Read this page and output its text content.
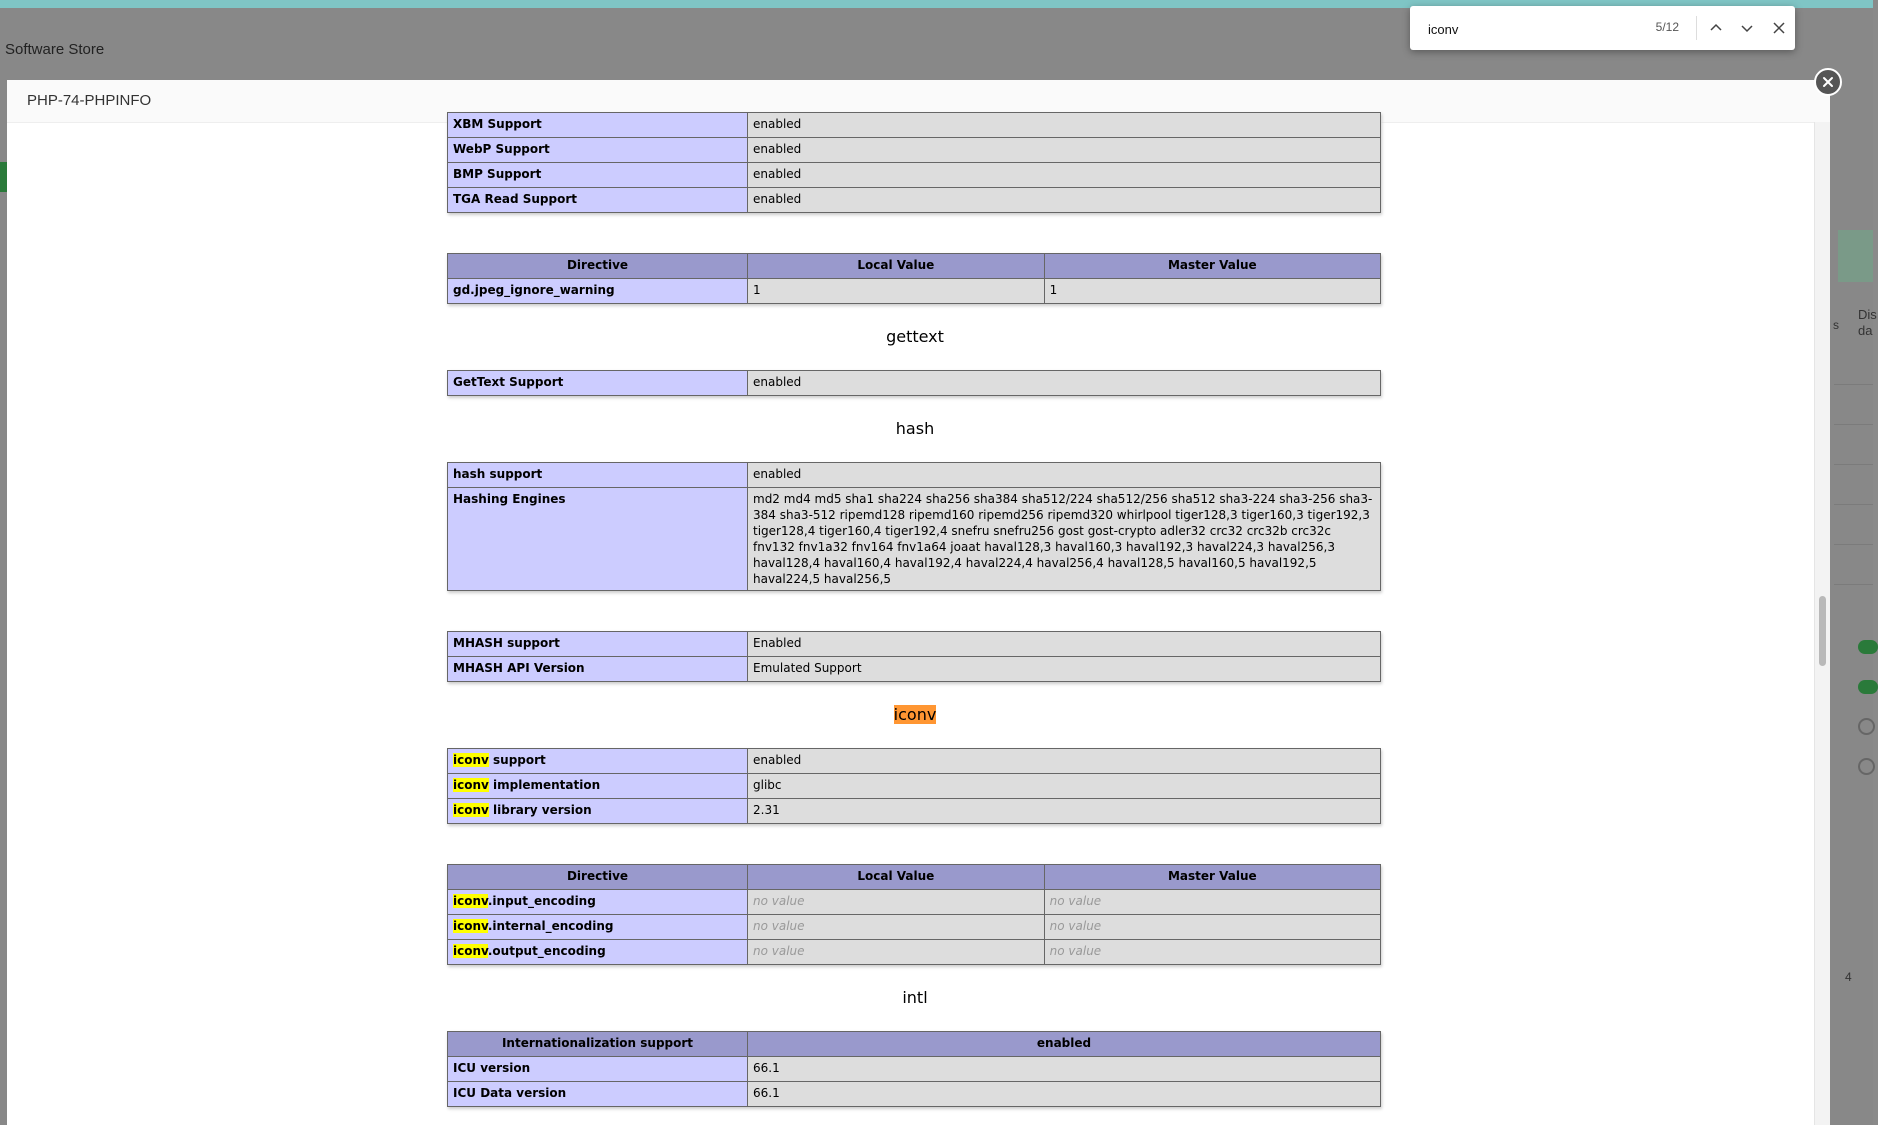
Software Store
s
Dis
da
4
PHP-74-PHPINFO
XBM Support	enabled
WebP Support	enabled
BMP Support	enabled
TGA Read Support	enabled
Directive	Local Value	Master Value
gd.jpeg_ignore_warning	1	1
gettext
GetText Support	enabled
hash
hash support	enabled
Hashing Engines	md2 md4 md5 sha1 sha224 sha256 sha384 sha512/224 sha512/256 sha512 sha3-224 sha3-256 sha3-384 sha3-512 ripemd128 ripemd160 ripemd256 ripemd320 whirlpool tiger128,3 tiger160,3 tiger192,3 tiger128,4 tiger160,4 tiger192,4 snefru snefru256 gost gost-crypto adler32 crc32 crc32b crc32c fnv132 fnv1a32 fnv164 fnv1a64 joaat haval128,3 haval160,3 haval192,3 haval224,3 haval256,3 haval128,4 haval160,4 haval192,4 haval224,4 haval256,4 haval128,5 haval160,5 haval192,5 haval224,5 haval256,5
MHASH support	Enabled
MHASH API Version	Emulated Support
iconv
iconv support	enabled
iconv implementation	glibc
iconv library version	2.31
Directive	Local Value	Master Value
iconv.input_encoding	no value	no value
iconv.internal_encoding	no value	no value
iconv.output_encoding	no value	no value
intl
Internationalization support	enabled
ICU version	66.1
ICU Data version	66.1
iconv
5/12
